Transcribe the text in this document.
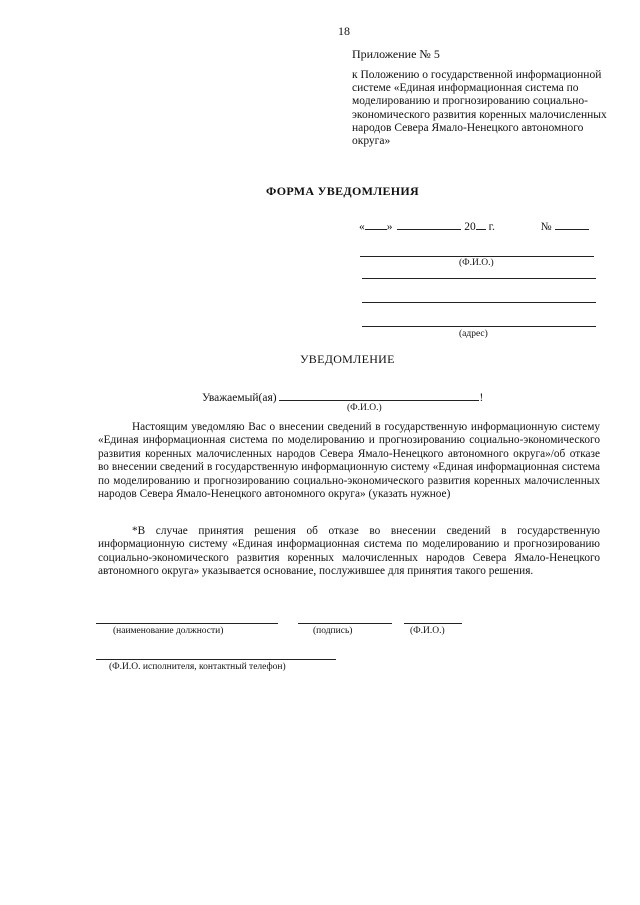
18
Приложение № 5
к Положению о государственной информационной системе «Единая информационная система по моделированию и прогнозированию социально-экономического развития коренных малочисленных народов Севера Ямало-Ненецкого автономного округа»
ФОРМА УВЕДОМЛЕНИЯ
« »	20 г.	№
(Ф.И.О.)
(адрес)
УВЕДОМЛЕНИЕ
Уважаемый(ая)	!
(Ф.И.О.)
Настоящим уведомляю Вас о внесении сведений в государственную информационную систему «Единая информационная система по моделированию и прогнозированию социально-экономического развития коренных малочисленных народов Севера Ямало-Ненецкого автономного округа»/об отказе во внесении сведений в государственную информационную систему «Единая информационная система по моделированию и прогнозированию социально-экономического развития коренных малочисленных народов Севера Ямало-Ненецкого автономного округа» (указать нужное)
*В случае принятия решения об отказе во внесении сведений в государственную информационную систему «Единая информационная система по моделированию и прогнозированию социально-экономического развития коренных малочисленных народов Севера Ямало-Ненецкого автономного округа» указывается основание, послужившее для принятия такого решения.
(наименование должности)	(подпись)	(Ф.И.О.)
(Ф.И.О. исполнителя, контактный телефон)
